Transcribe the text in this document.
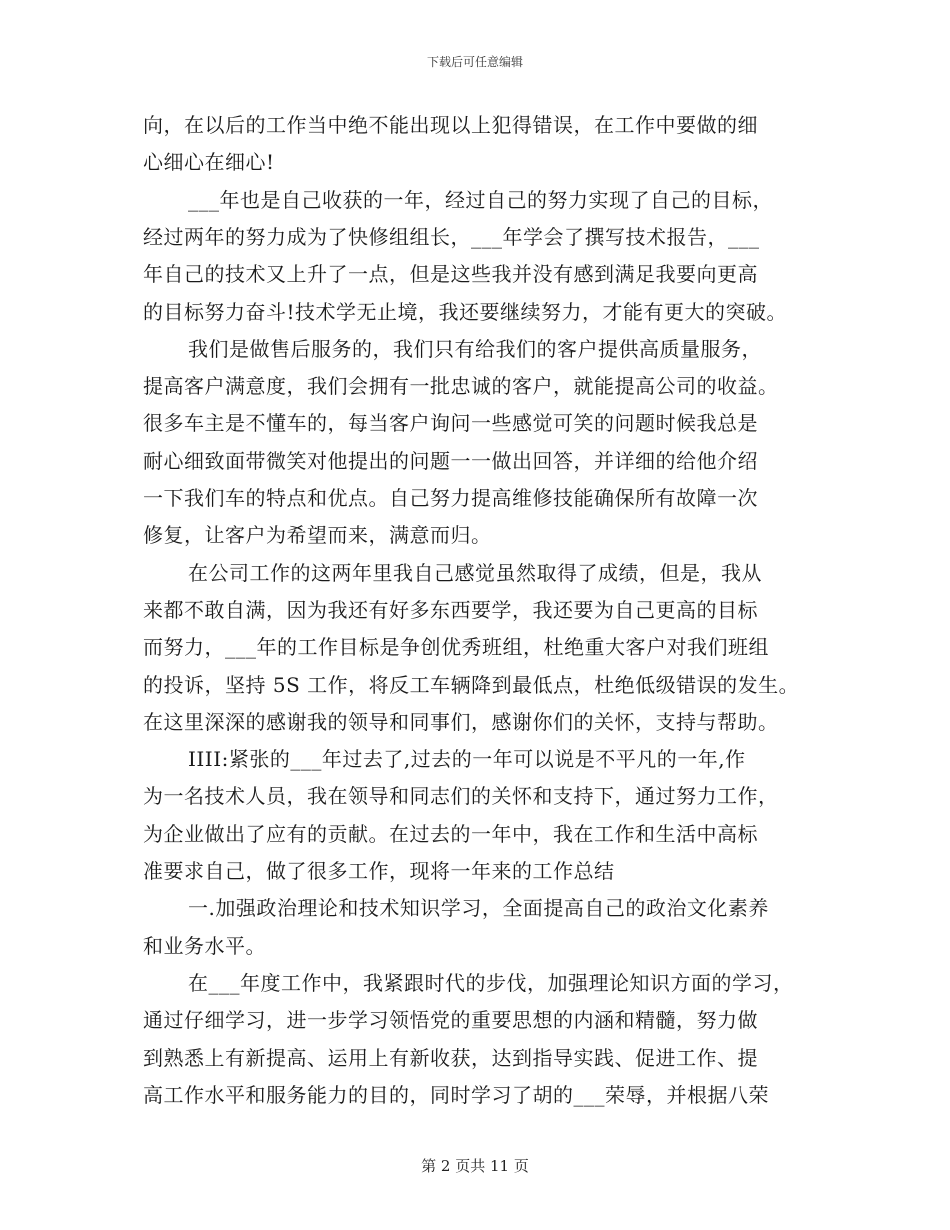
下载后可任意编辑
向，在以后的工作当中绝不能出现以上犯得错误，在工作中要做的细
心细心在细心!
___年也是自己收获的一年，经过自己的努力实现了自己的目标，
经过两年的努力成为了快修组组长，___年学会了撰写技术报告，___
年自己的技术又上升了一点，但是这些我并没有感到满足我要向更高
的目标努力奋斗!技术学无止境，我还要继续努力，才能有更大的突破。
我们是做售后服务的，我们只有给我们的客户提供高质量服务，
提高客户满意度，我们会拥有一批忠诚的客户，就能提高公司的收益。
很多车主是不懂车的，每当客户询问一些感觉可笑的问题时候我总是
耐心细致面带微笑对他提出的问题一一做出回答，并详细的给他介绍
一下我们车的特点和优点。自己努力提高维修技能确保所有故障一次
修复，让客户为希望而来，满意而归。
在公司工作的这两年里我自己感觉虽然取得了成绩，但是，我从
来都不敢自满，因为我还有好多东西要学，我还要为自己更高的目标
而努力，___年的工作目标是争创优秀班组，杜绝重大客户对我们班组
的投诉，坚持 5S 工作，将反工车辆降到最低点，杜绝低级错误的发生。
在这里深深的感谢我的领导和同事们，感谢你们的关怀，支持与帮助。
IIII:紧张的___年过去了,过去的一年可以说是不平凡的一年,作
为一名技术人员，我在领导和同志们的关怀和支持下，通过努力工作，
为企业做出了应有的贡献。在过去的一年中，我在工作和生活中高标
准要求自己，做了很多工作，现将一年来的工作总结
一.加强政治理论和技术知识学习，全面提高自己的政治文化素养
和业务水平。
在___年度工作中，我紧跟时代的步伐，加强理论知识方面的学习，
通过仔细学习，进一步学习领悟党的重要思想的内涵和精髓，努力做
到熟悉上有新提高、运用上有新收获，达到指导实践、促进工作、提
高工作水平和服务能力的目的，同时学习了胡的___荣辱，并根据八荣
第 2 页共 11 页
